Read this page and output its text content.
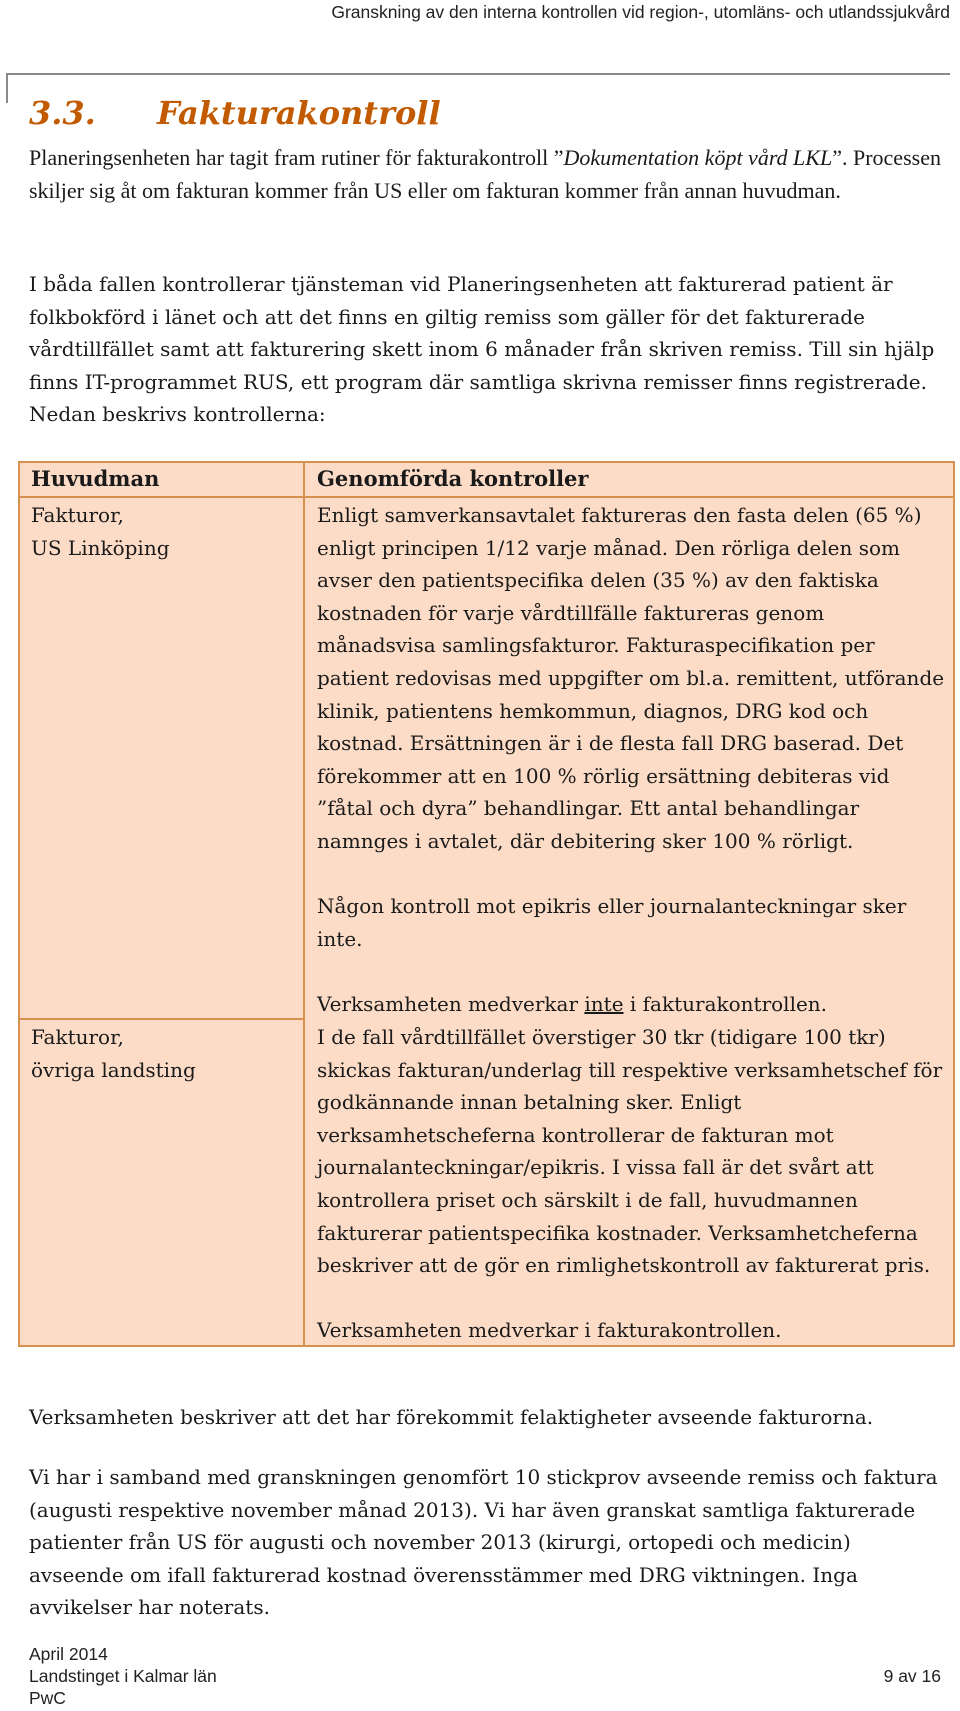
Granskning av den interna kontrollen vid region-, utomläns- och utlandssjukvård
3.3. Fakturakontroll

Planeringsenheten har tagit fram rutiner för fakturakontroll ”Dokumentation köpt vård LKL”. Processen skiljer sig åt om fakturan kommer från US eller om fakturan kommer från annan huvudman.

I båda fallen kontrollerar tjänsteman vid Planeringsenheten att fakturerad patient är folkbokförd i länet och att det finns en giltig remiss som gäller för det fakturerade vårdtillfället samt att fakturering skett inom 6 månader från skriven remiss. Till sin hjälp finns IT-programmet RUS, ett program där samtliga skrivna remisser finns registrerade. Nedan beskrivs kontrollerna:

Huvudman	Genomförda kontroller

Fakturor,
US Linköping

Enligt samverkansavtalet faktureras den fasta delen (65 %) enligt principen 1/12 varje månad. Den rörliga delen som avser den patientspecifika delen (35 %) av den faktiska kostnaden för varje vårdtillfälle faktureras genom månadsvisa samlingsfakturor. Fakturaspecifikation per patient redovisas med uppgifter om bl.a. remittent, utförande klinik, patientens hemkommun, diagnos, DRG kod och kostnad. Ersättningen är i de flesta fall DRG baserad. Det förekommer att en 100 % rörlig ersättning debiteras vid ”fåtal och dyra” behandlingar. Ett antal behandlingar namnges i avtalet, där debitering sker 100 % rörligt.
Någon kontroll mot epikris eller journalanteckningar sker inte.
Verksamheten medverkar inte i fakturakontrollen.

Fakturor,
övriga landsting

I de fall vårdtillfället överstiger 30 tkr (tidigare 100 tkr) skickas fakturan/underlag till respektive verksamhetschef för godkännande innan betalning sker. Enligt verksamhetscheferna kontrollerar de fakturan mot journalanteckningar/epikris. I vissa fall är det svårt att kontrollera priset och särskilt i de fall, huvudmannen fakturerar patientspecifika kostnader. Verksamhetcheferna beskriver att de gör en rimlighetskontroll av fakturerat pris.
Verksamheten medverkar i fakturakontrollen.

Verksamheten beskriver att det har förekommit felaktigheter avseende fakturorna.

Vi har i samband med granskningen genomfört 10 stickprov avseende remiss och faktura (augusti respektive november månad 2013). Vi har även granskat samtliga fakturerade patienter från US för augusti och november 2013 (kirurgi, ortopedi och medicin) avseende om ifall fakturerad kostnad överensstämmer med DRG viktningen. Inga avvikelser har noterats.

April 2014
Landstinget i Kalmar län
PwC
9 av 16
